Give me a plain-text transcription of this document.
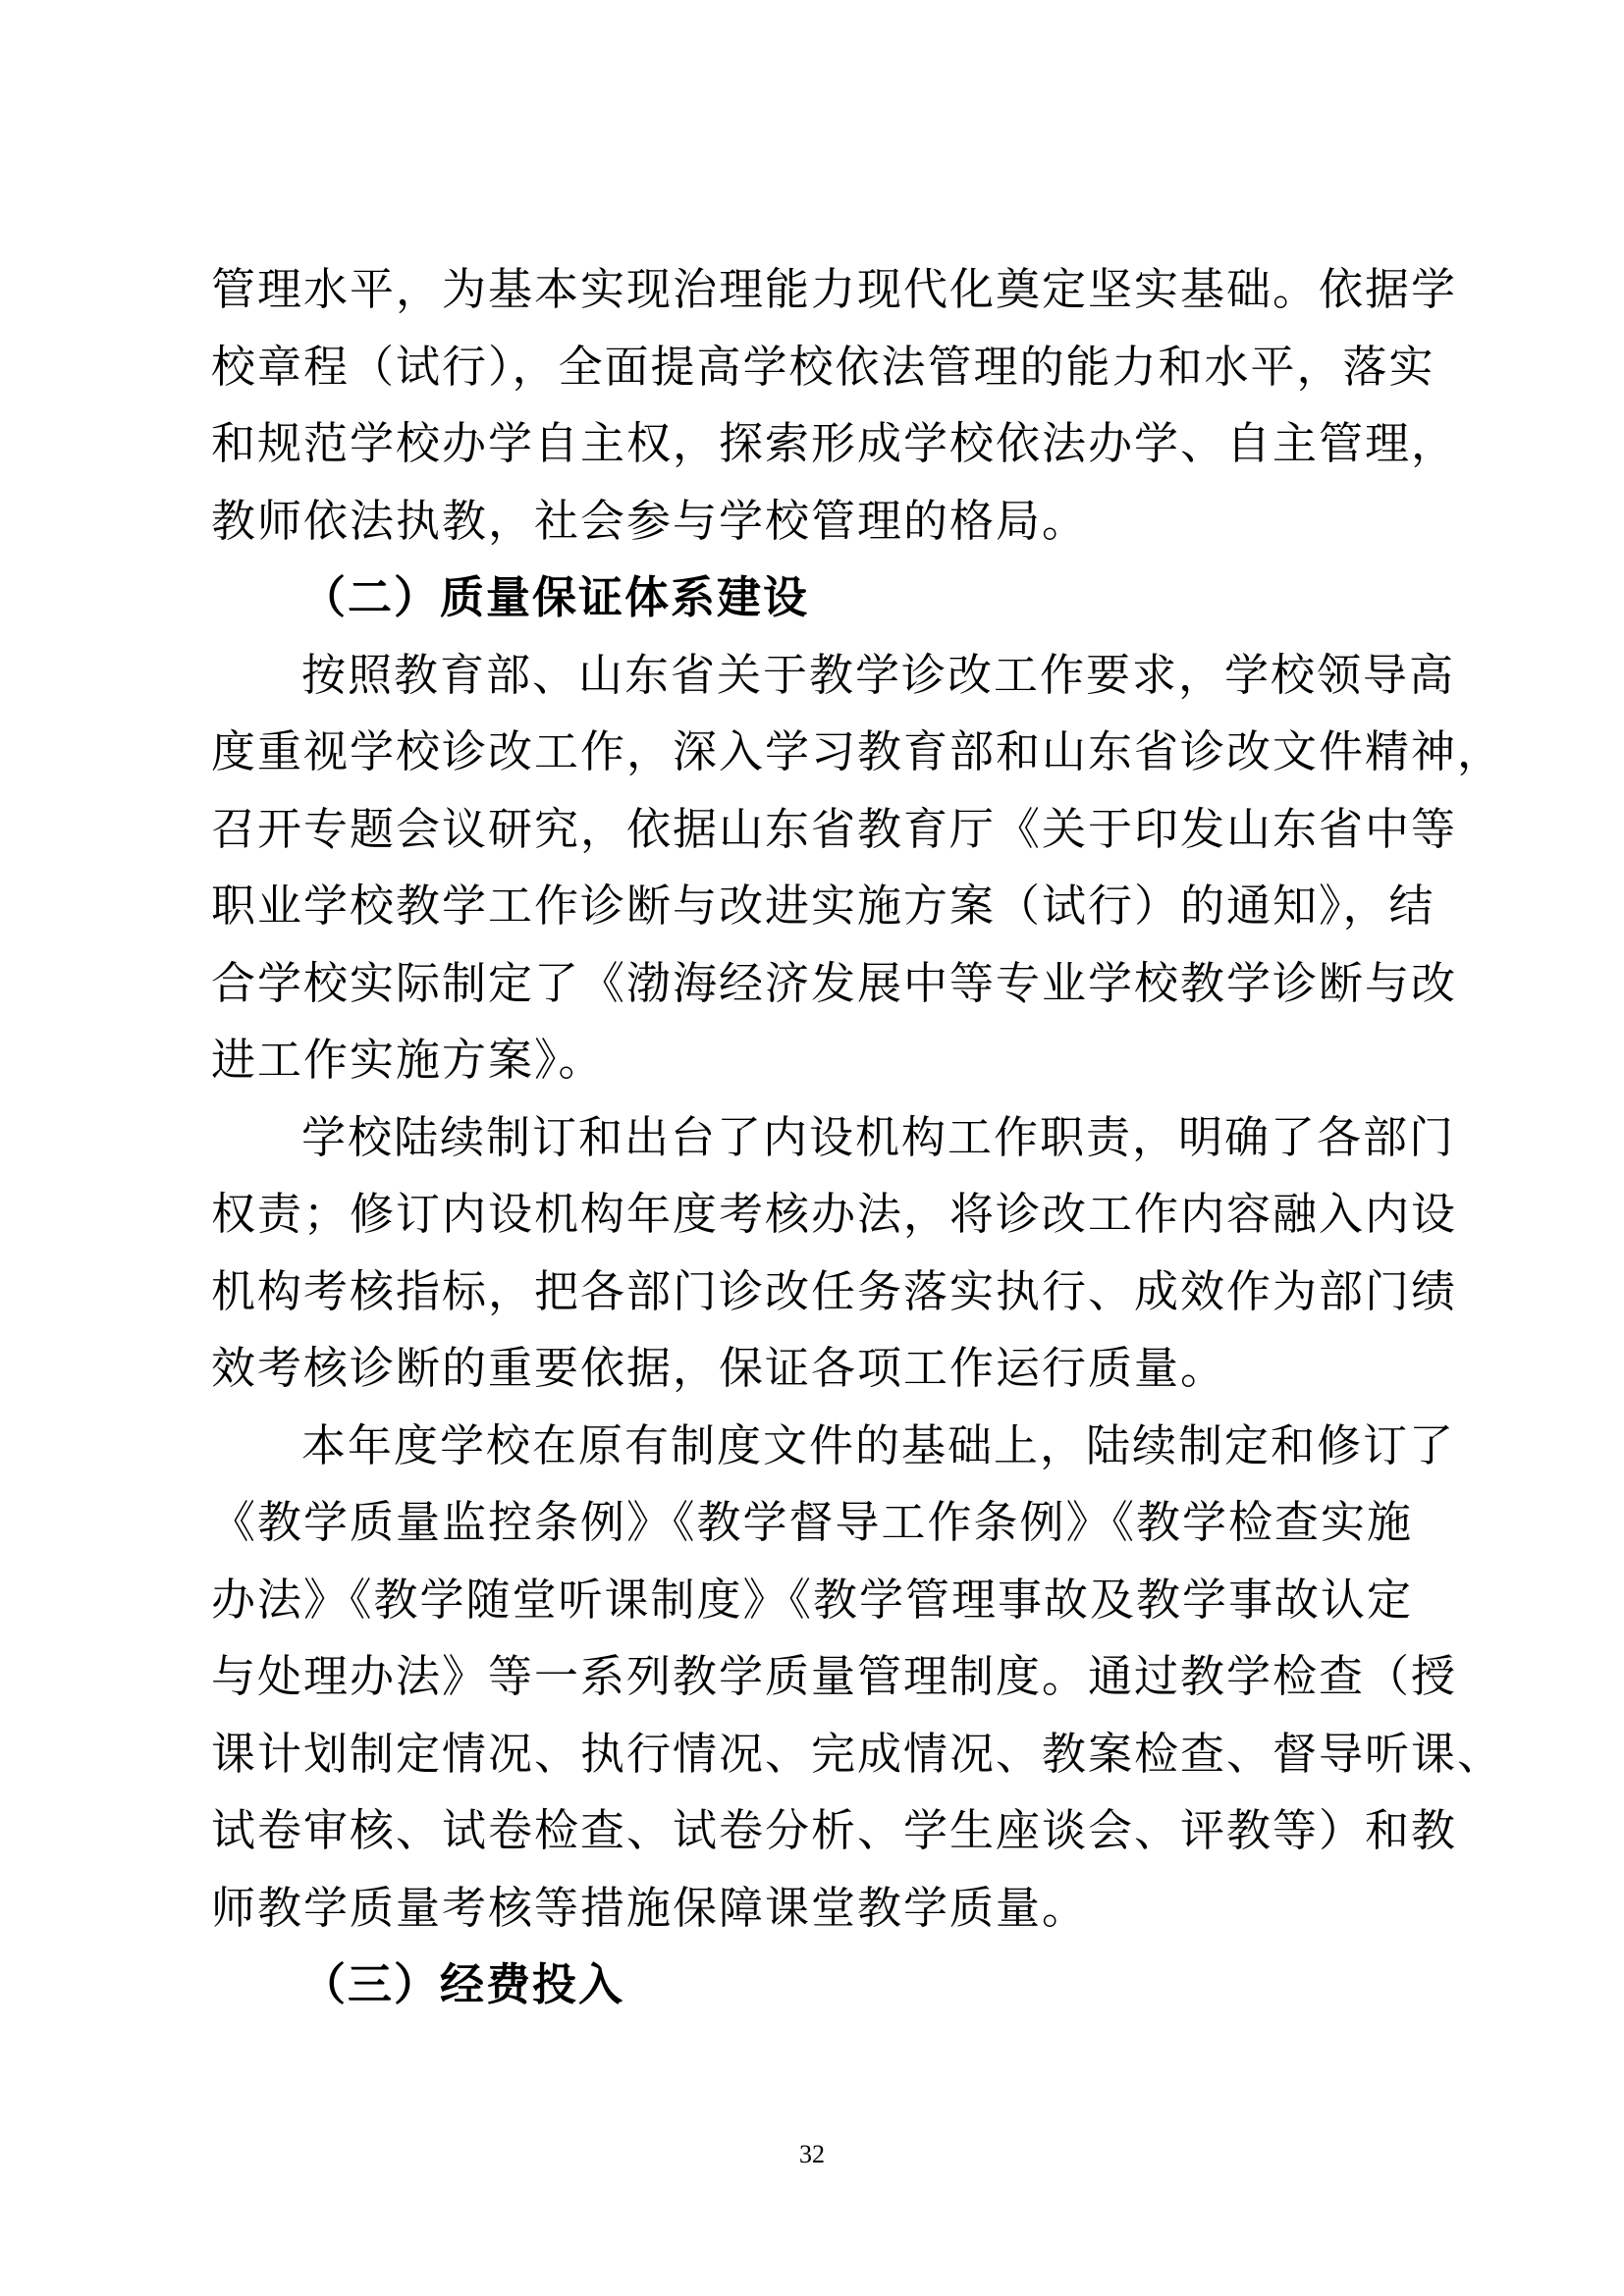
管理水平，为基本实现治理能力现代化奠定坚实基础。依据学
校章程（试行），全面提高学校依法管理的能力和水平，落实
和规范学校办学自主权，探索形成学校依法办学、自主管理，
教师依法执教，社会参与学校管理的格局。
（二）质量保证体系建设
按照教育部、山东省关于教学诊改工作要求，学校领导高
度重视学校诊改工作，深入学习教育部和山东省诊改文件精神，
召开专题会议研究，依据山东省教育厅《关于印发山东省中等
职业学校教学工作诊断与改进实施方案（试行）的通知》，结
合学校实际制定了《渤海经济发展中等专业学校教学诊断与改
进工作实施方案》。
学校陆续制订和出台了内设机构工作职责，明确了各部门
权责；修订内设机构年度考核办法，将诊改工作内容融入内设
机构考核指标，把各部门诊改任务落实执行、成效作为部门绩
效考核诊断的重要依据，保证各项工作运行质量。
本年度学校在原有制度文件的基础上，陆续制定和修订了
《教学质量监控条例》《教学督导工作条例》《教学检查实施
办法》《教学随堂听课制度》《教学管理事故及教学事故认定
与处理办法》等一系列教学质量管理制度。通过教学检查（授
课计划制定情况、执行情况、完成情况、教案检查、督导听课、
试卷审核、试卷检查、试卷分析、学生座谈会、评教等）和教
师教学质量考核等措施保障课堂教学质量。
（三）经费投入
32
